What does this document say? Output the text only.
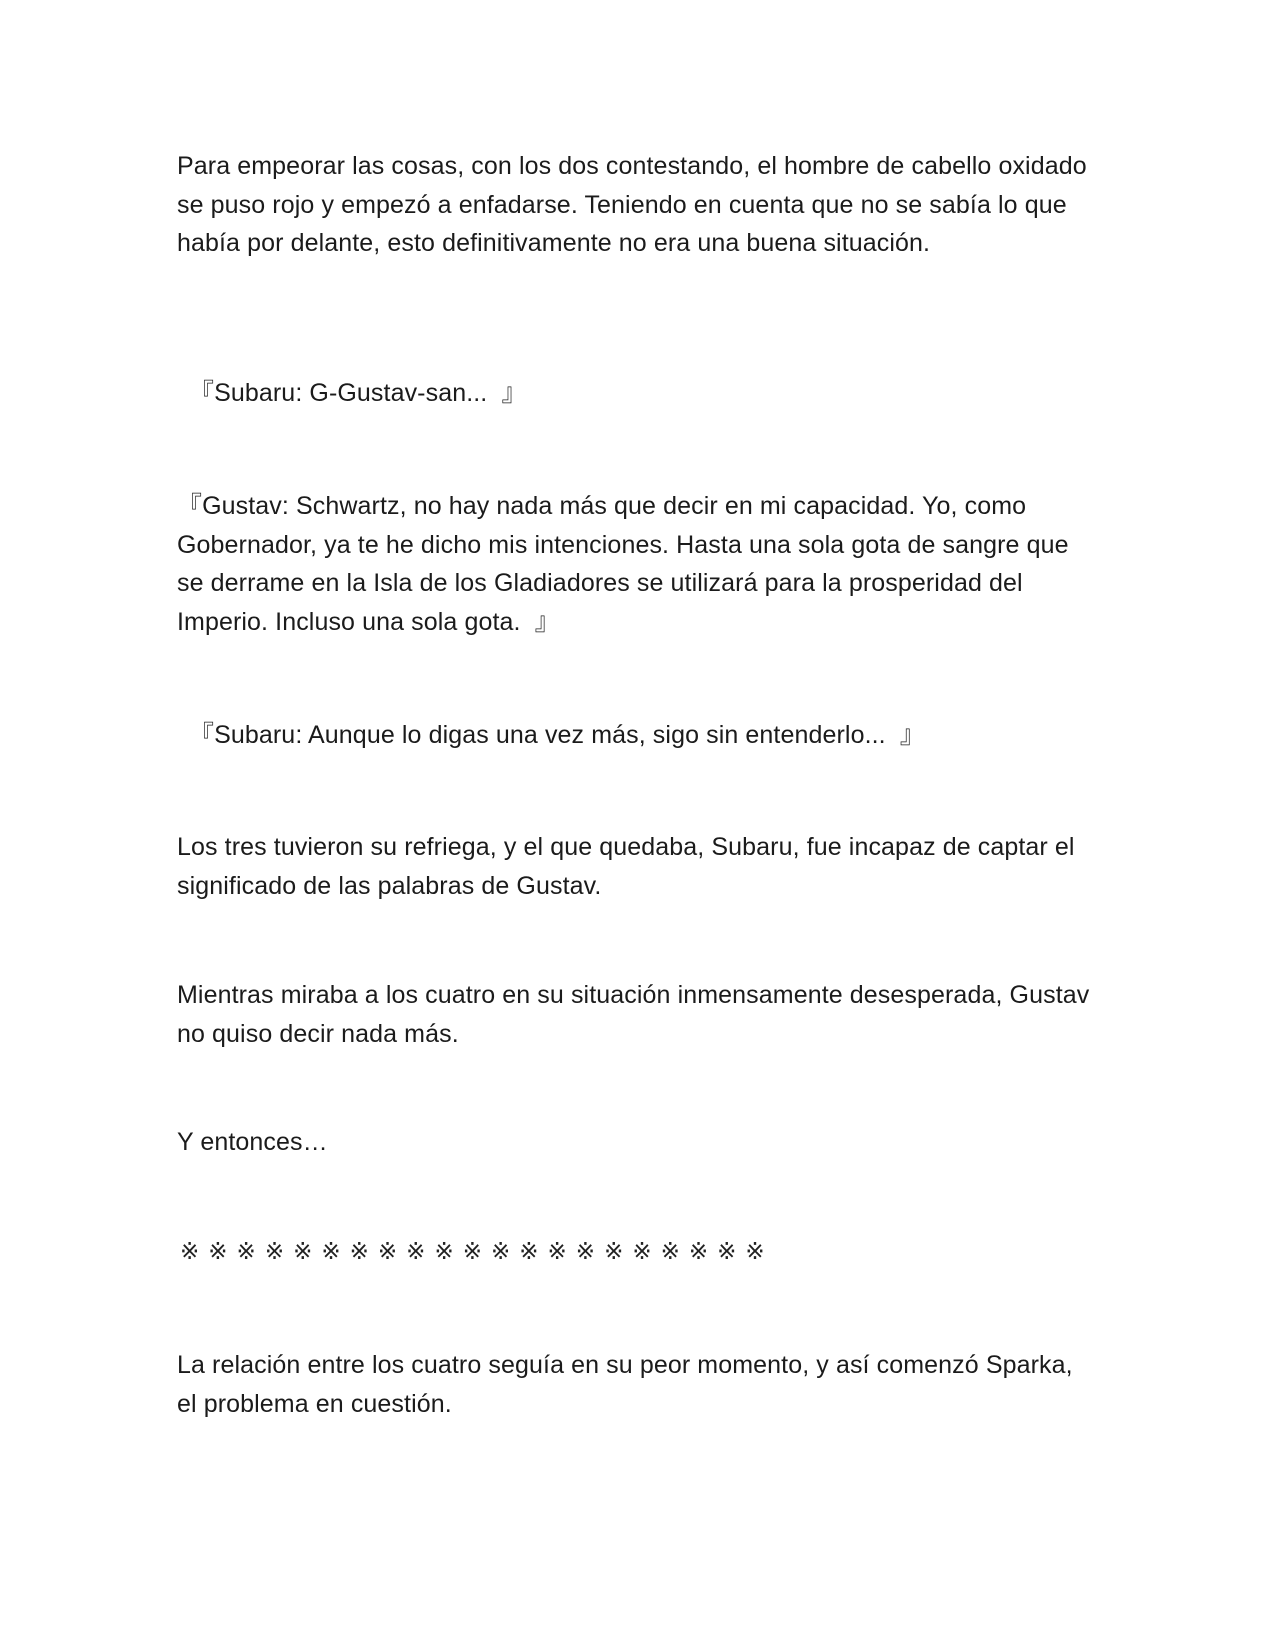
Para empeorar las cosas, con los dos contestando, el hombre de cabello oxidado se puso rojo y empezó a enfadarse. Teniendo en cuenta que no se sabía lo que había por delante, esto definitivamente no era una buena situación.

『Subaru: G-Gustav-san...  』

『Gustav: Schwartz, no hay nada más que decir en mi capacidad. Yo, como Gobernador, ya te he dicho mis intenciones. Hasta una sola gota de sangre que se derrame en la Isla de los Gladiadores se utilizará para la prosperidad del Imperio. Incluso una sola gota.  』

『Subaru: Aunque lo digas una vez más, sigo sin entenderlo...  』

Los tres tuvieron su refriega, y el que quedaba, Subaru, fue incapaz de captar el significado de las palabras de Gustav.

Mientras miraba a los cuatro en su situación inmensamente desesperada, Gustav no quiso decir nada más.

Y entonces…

※※※※※※※※※※※※※※※※※※※※※

La relación entre los cuatro seguía en su peor momento, y así comenzó Sparka, el problema en cuestión.
